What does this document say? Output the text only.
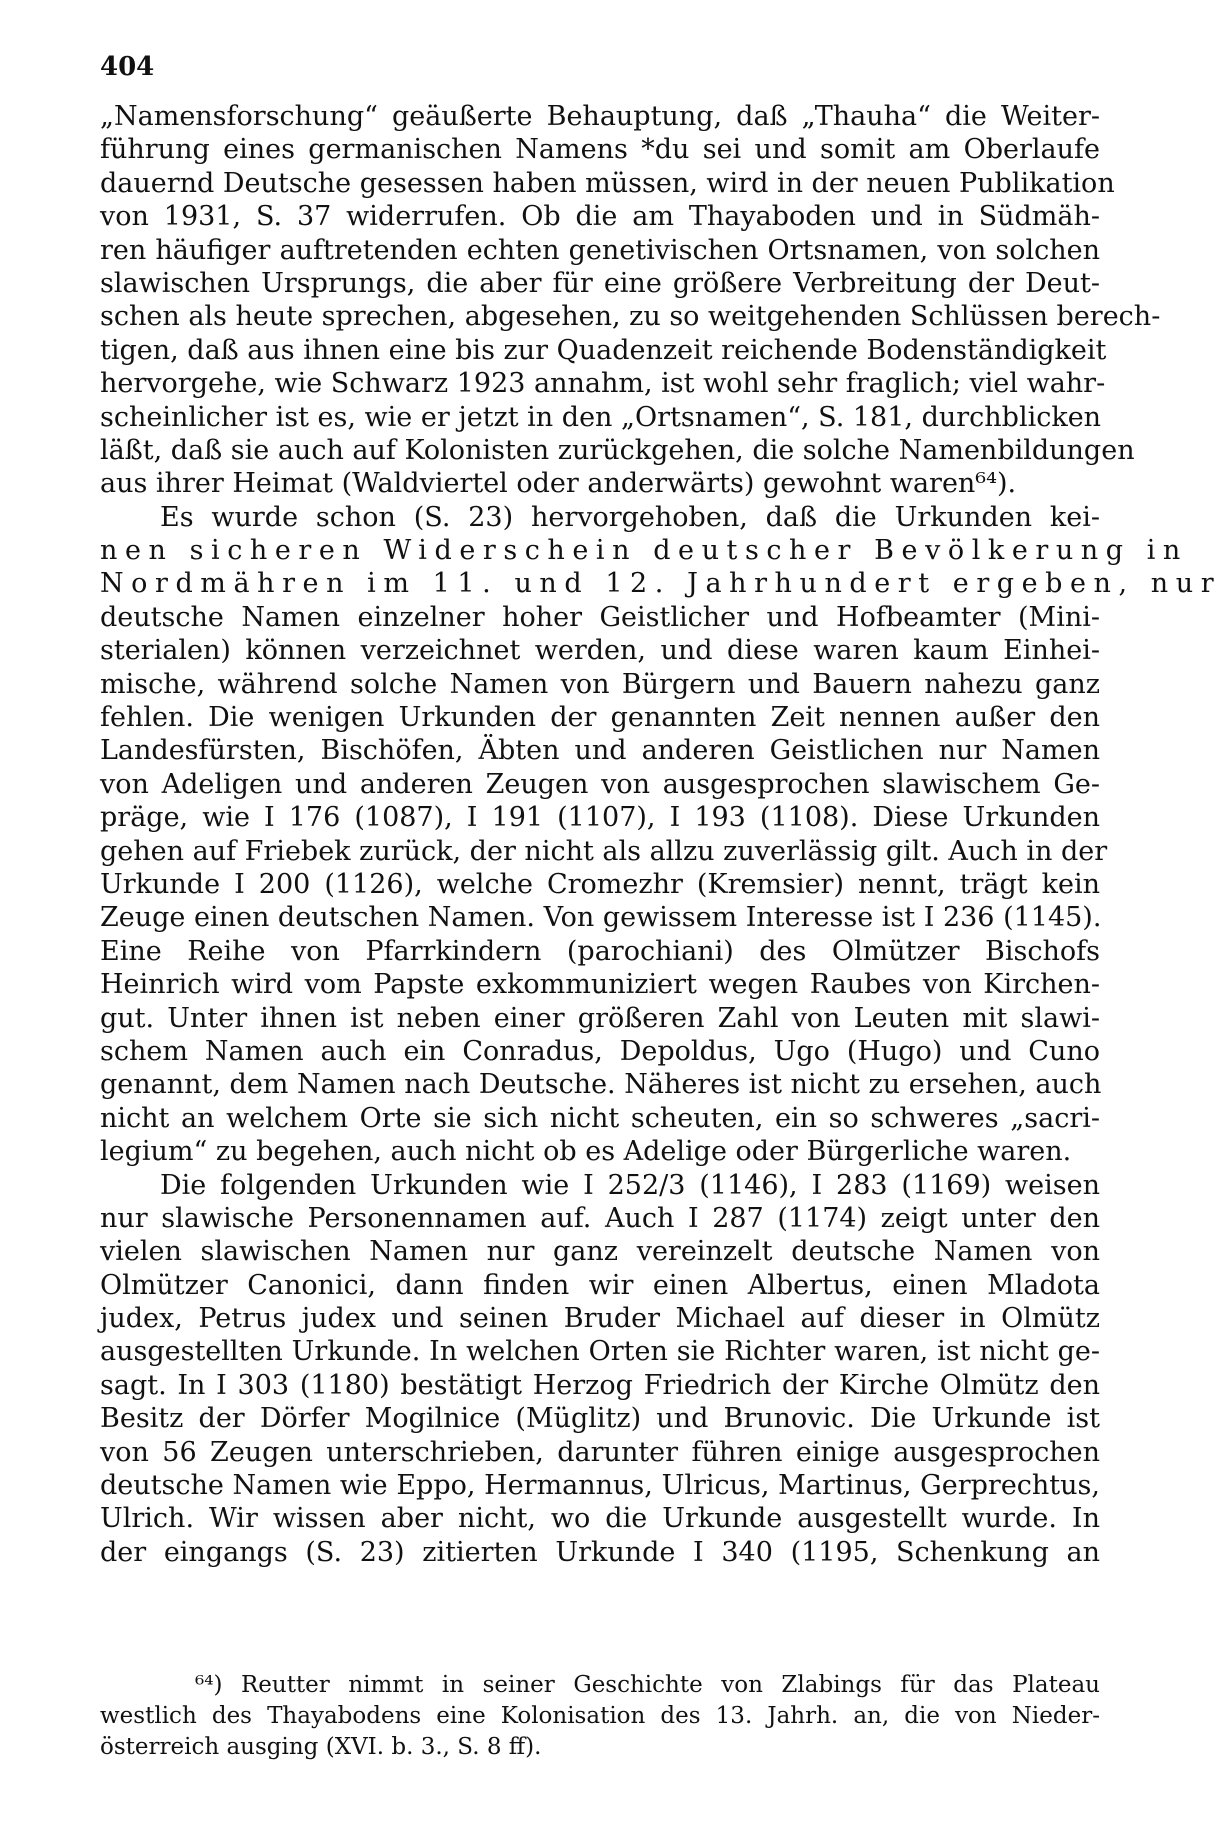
404

„Namensforschung“ geäußerte Behauptung, daß „Thauha“ die Weiter-
führung eines germanischen Namens *du sei und somit am Oberlaufe
dauernd Deutsche gesessen haben müssen, wird in der neuen Publikation
von 1931, S. 37 widerrufen. Ob die am Thayaboden und in Südmäh-
ren häufiger auftretenden echten genetivischen Ortsnamen, von solchen
slawischen Ursprungs, die aber für eine größere Verbreitung der Deut-
schen als heute sprechen, abgesehen, zu so weitgehenden Schlüssen berech-
tigen, daß aus ihnen eine bis zur Quadenzeit reichende Bodenständigkeit
hervorgehe, wie Schwarz 1923 annahm, ist wohl sehr fraglich; viel wahr-
scheinlicher ist es, wie er jetzt in den „Ortsnamen“, S. 181, durchblicken
läßt, daß sie auch auf Kolonisten zurückgehen, die solche Namenbildungen
aus ihrer Heimat (Waldviertel oder anderwärts) gewohnt waren⁶⁴).
Es wurde schon (S. 23) hervorgehoben, daß die Urkunden kei-
nen sicheren Widerschein deutscher Bevölkerung in
Nordmähren im 11. und 12. Jahrhundert ergeben, nur
deutsche Namen einzelner hoher Geistlicher und Hofbeamter (Mini-
sterialen) können verzeichnet werden, und diese waren kaum Einhei-
mische, während solche Namen von Bürgern und Bauern nahezu ganz
fehlen. Die wenigen Urkunden der genannten Zeit nennen außer den
Landesfürsten, Bischöfen, Äbten und anderen Geistlichen nur Namen
von Adeligen und anderen Zeugen von ausgesprochen slawischem Ge-
präge, wie I 176 (1087), I 191 (1107), I 193 (1108). Diese Urkunden
gehen auf Friebek zurück, der nicht als allzu zuverlässig gilt. Auch in der
Urkunde I 200 (1126), welche Cromezhr (Kremsier) nennt, trägt kein
Zeuge einen deutschen Namen. Von gewissem Interesse ist I 236 (1145).
Eine Reihe von Pfarrkindern (parochiani) des Olmützer Bischofs
Heinrich wird vom Papste exkommuniziert wegen Raubes von Kirchen-
gut. Unter ihnen ist neben einer größeren Zahl von Leuten mit slawi-
schem Namen auch ein Conradus, Depoldus, Ugo (Hugo) und Cuno
genannt, dem Namen nach Deutsche. Näheres ist nicht zu ersehen, auch
nicht an welchem Orte sie sich nicht scheuten, ein so schweres „sacri-
legium“ zu begehen, auch nicht ob es Adelige oder Bürgerliche waren.
Die folgenden Urkunden wie I 252/3 (1146), I 283 (1169) weisen
nur slawische Personennamen auf. Auch I 287 (1174) zeigt unter den
vielen slawischen Namen nur ganz vereinzelt deutsche Namen von
Olmützer Canonici, dann finden wir einen Albertus, einen Mladota
judex, Petrus judex und seinen Bruder Michael auf dieser in Olmütz
ausgestellten Urkunde. In welchen Orten sie Richter waren, ist nicht ge-
sagt. In I 303 (1180) bestätigt Herzog Friedrich der Kirche Olmütz den
Besitz der Dörfer Mogilnice (Müglitz) und Brunovic. Die Urkunde ist
von 56 Zeugen unterschrieben, darunter führen einige ausgesprochen
deutsche Namen wie Eppo, Hermannus, Ulricus, Martinus, Gerprechtus,
Ulrich. Wir wissen aber nicht, wo die Urkunde ausgestellt wurde. In
der eingangs (S. 23) zitierten Urkunde I 340 (1195, Schenkung an
⁶⁴) Reutter nimmt in seiner Geschichte von Zlabings für das Plateau
westlich des Thayabodens eine Kolonisation des 13. Jahrh. an, die von Nieder-
österreich ausging (XVI. b. 3., S. 8 ff).
